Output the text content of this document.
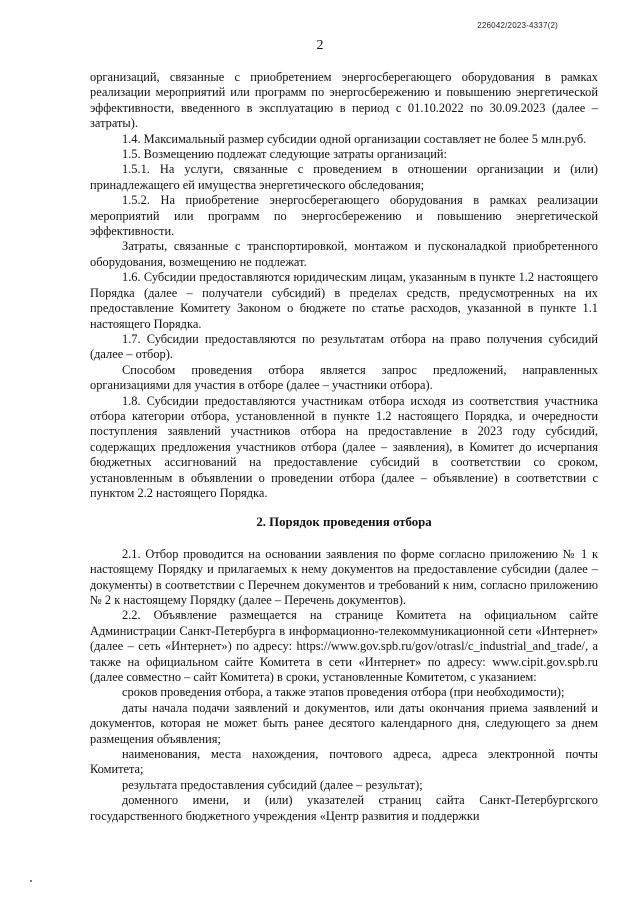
226042/2023-4337(2)
2

организаций, связанные с приобретением энергосберегающего оборудования в рамках реализации мероприятий или программ по энергосбережению и повышению энергетической эффективности, введенного в эксплуатацию в период с 01.10.2022 по 30.09.2023 (далее – затраты).

1.4. Максимальный размер субсидии одной организации составляет не более 5 млн.руб.

1.5. Возмещению подлежат следующие затраты организаций:

1.5.1. На услуги, связанные с проведением в отношении организации и (или) принадлежащего ей имущества энергетического обследования;

1.5.2. На приобретение энергосберегающего оборудования в рамках реализации мероприятий или программ по энергосбережению и повышению энергетической эффективности.

Затраты, связанные с транспортировкой, монтажом и пусконаладкой приобретенного оборудования, возмещению не подлежат.

1.6. Субсидии предоставляются юридическим лицам, указанным в пункте 1.2 настоящего Порядка (далее – получатели субсидий) в пределах средств, предусмотренных на их предоставление Комитету Законом о бюджете по статье расходов, указанной в пункте 1.1 настоящего Порядка.

1.7. Субсидии предоставляются по результатам отбора на право получения субсидий (далее – отбор).

Способом проведения отбора является запрос предложений, направленных организациями для участия в отборе (далее – участники отбора).

1.8. Субсидии предоставляются участникам отбора исходя из соответствия участника отбора категории отбора, установленной в пункте 1.2 настоящего Порядка, и очередности поступления заявлений участников отбора на предоставление в 2023 году субсидий, содержащих предложения участников отбора (далее – заявления), в Комитет до исчерпания бюджетных ассигнований на предоставление субсидий в соответствии со сроком, установленным в объявлении о проведении отбора (далее – объявление) в соответствии с пунктом 2.2 настоящего Порядка.

2. Порядок проведения отбора

2.1. Отбор проводится на основании заявления по форме согласно приложению № 1 к настоящему Порядку и прилагаемых к нему документов на предоставление субсидии (далее – документы) в соответствии с Перечнем документов и требований к ним, согласно приложению № 2 к настоящему Порядку (далее – Перечень документов).

2.2. Объявление размещается на странице Комитета на официальном сайте Администрации Санкт-Петербурга в информационно-телекоммуникационной сети «Интернет» (далее – сеть «Интернет») по адресу: https://www.gov.spb.ru/gov/otrasl/c_industrial_and_trade/, а также на официальном сайте Комитета в сети «Интернет» по адресу: www.cipit.gov.spb.ru (далее совместно – сайт Комитета) в сроки, установленные Комитетом, с указанием:

сроков проведения отбора, а также этапов проведения отбора (при необходимости);

даты начала подачи заявлений и документов, или даты окончания приема заявлений и документов, которая не может быть ранее десятого календарного дня, следующего за днем размещения объявления;

наименования, места нахождения, почтового адреса, адреса электронной почты Комитета;

результата предоставления субсидий (далее – результат);

доменного имени, и (или) указателей страниц сайта Санкт-Петербургского государственного бюджетного учреждения «Центр развития и поддержки
